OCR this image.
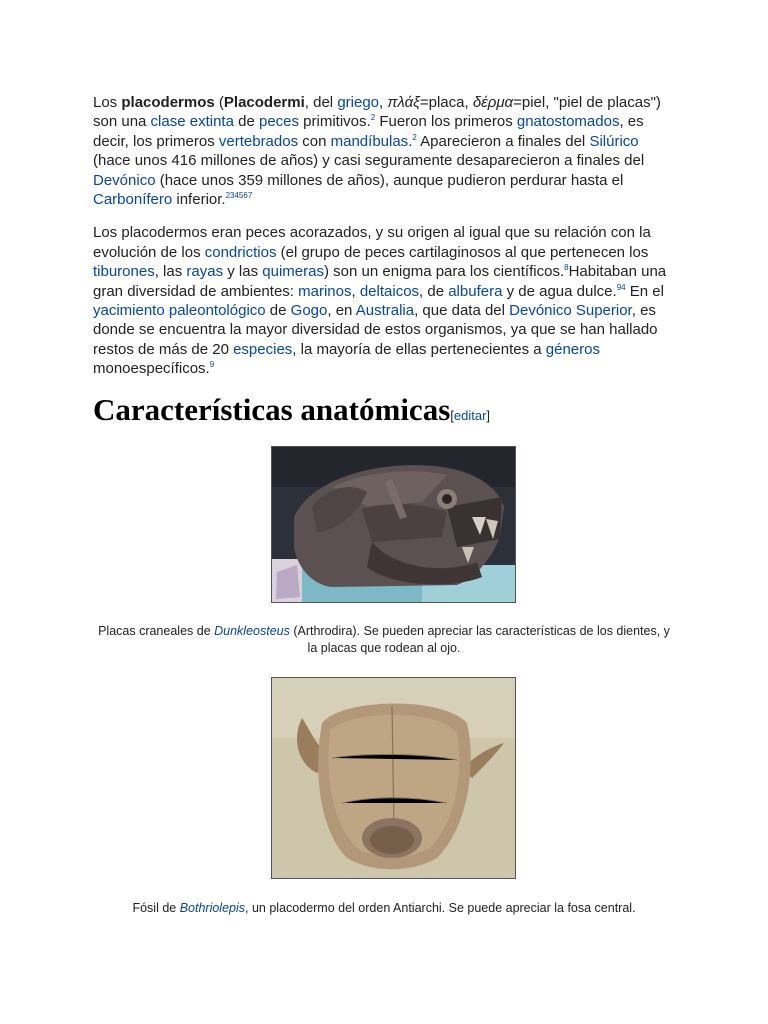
Los placodermos (Placodermi, del griego, πλάξ=placa, δέρμα=piel, "piel de placas") son una clase extinta de peces primitivos.$^2$ Fueron los primeros gnatostomados, es decir, los primeros vertebrados con mandíbulas.$^2$ Aparecieron a finales del Silúrico (hace unos 416 millones de años) y casi seguramente desaparecieron a finales del Devónico (hace unos 359 millones de años), aunque pudieron perdurar hasta el Carbonífero inferior.$^{234567}$

Los placodermos eran peces acorazados, y su origen al igual que su relación con la evolución de los condrictios (el grupo de peces cartilaginosos al que pertenecen los tiburones, las rayas y las quimeras) son un enigma para los científicos.$^8$Habitaban una gran diversidad de ambientes: marinos, deltaicos, de albufera y de agua dulce.$^{94}$ En el yacimiento paleontológico de Gogo, en Australia, que data del Devónico Superior, es donde se encuentra la mayor diversidad de estos organismos, ya que se han hallado restos de más de 20 especies, la mayoría de ellas pertenecientes a géneros monoespecíficos.$^9$

Características anatómicas[editar]
Placas craneales de Dunkleosteus (Arthrodira). Se pueden apreciar las características de los dientes, y la placas que rodean al ojo.
Fósil de Bothriolepis, un placodermo del orden Antiarchi. Se puede apreciar la fosa central.
